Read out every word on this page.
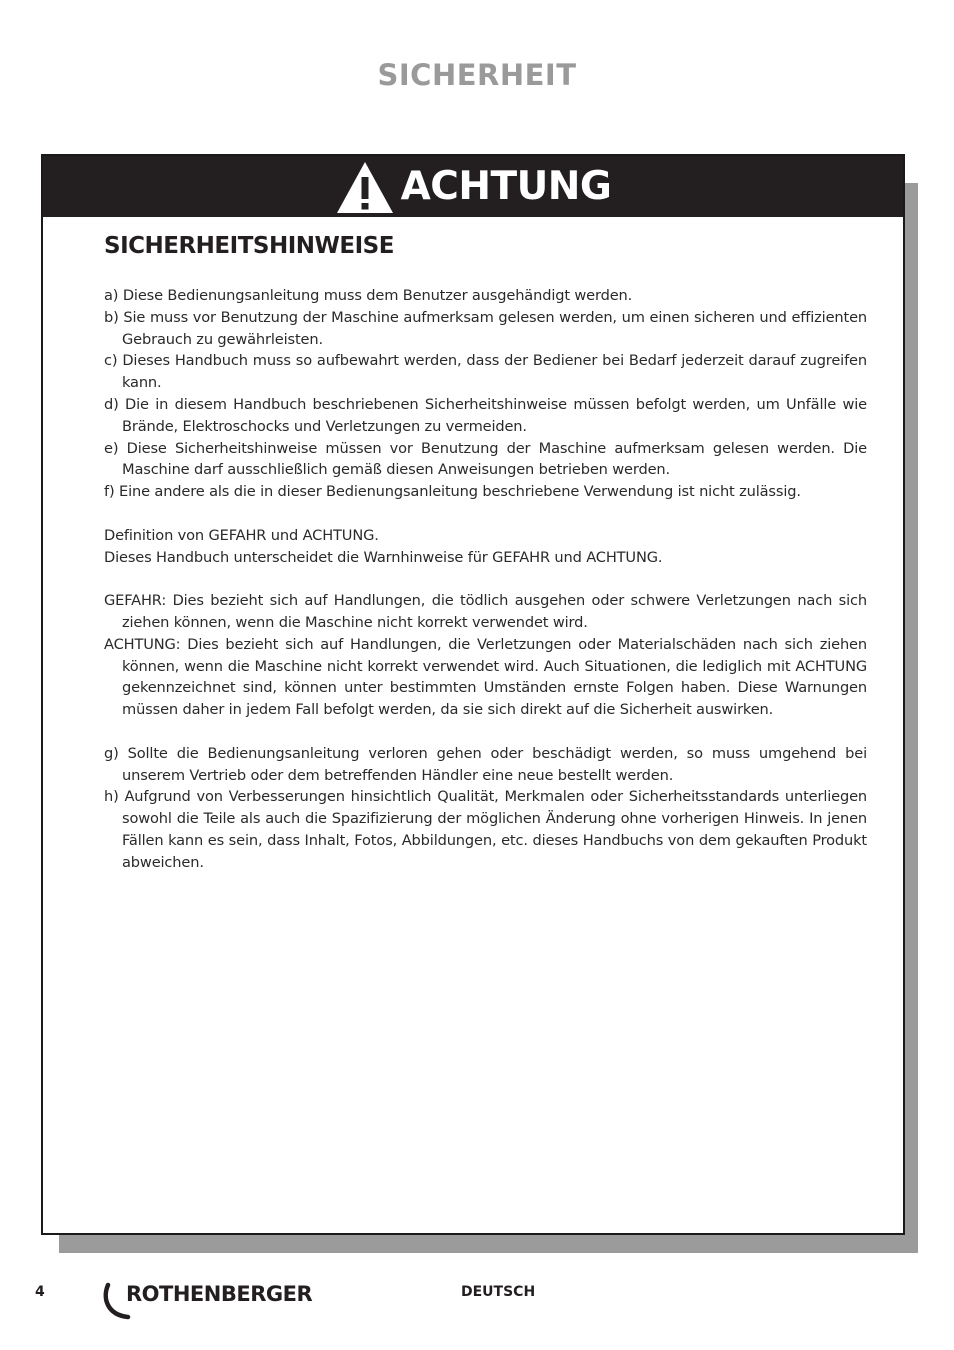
SICHERHEIT
ACHTUNG
SICHERHEITSHINWEISE
a) Diese Bedienungsanleitung muss dem Benutzer ausgehändigt werden.
b) Sie muss vor Benutzung der Maschine aufmerksam gelesen werden, um einen sicheren und effizienten Gebrauch zu gewährleisten.
c) Dieses Handbuch muss so aufbewahrt werden, dass der Bediener bei Bedarf jederzeit darauf zugreifen kann.
d) Die in diesem Handbuch beschriebenen Sicherheitshinweise müssen befolgt werden, um Unfälle wie Brände, Elektroschocks und Verletzungen zu vermeiden.
e) Diese Sicherheitshinweise müssen vor Benutzung der Maschine aufmerksam gelesen werden. Die Maschine darf ausschließlich gemäß diesen Anweisungen betrieben werden.
f) Eine andere als die in dieser Bedienungsanleitung beschriebene Verwendung ist nicht zulässig.
Definition von GEFAHR und ACHTUNG.
Dieses Handbuch unterscheidet die Warnhinweise für GEFAHR und ACHTUNG.
GEFAHR: Dies bezieht sich auf Handlungen, die tödlich ausgehen oder schwere Verletzungen nach sich ziehen können, wenn die Maschine nicht korrekt verwendet wird.
ACHTUNG: Dies bezieht sich auf Handlungen, die Verletzungen oder Materialschäden nach sich ziehen können, wenn die Maschine nicht korrekt verwendet wird. Auch Situationen, die lediglich mit ACHTUNG gekennzeichnet sind, können unter bestimmten Umständen ernste Folgen haben. Diese Warnungen müssen daher in jedem Fall befolgt werden, da sie sich direkt auf die Sicherheit auswirken.
g) Sollte die Bedienungsanleitung verloren gehen oder beschädigt werden, so muss umgehend bei unserem Vertrieb oder dem betreffenden Händler eine neue bestellt werden.
h) Aufgrund von Verbesserungen hinsichtlich Qualität, Merkmalen oder Sicherheitsstandards unterliegen sowohl die Teile als auch die Spazifizierung der möglichen Änderung ohne vorherigen Hinweis. In jenen Fällen kann es sein, dass Inhalt, Fotos, Abbildungen, etc. dieses Handbuchs von dem gekauften Produkt abweichen.
4	ROTHENBERGER	DEUTSCH
